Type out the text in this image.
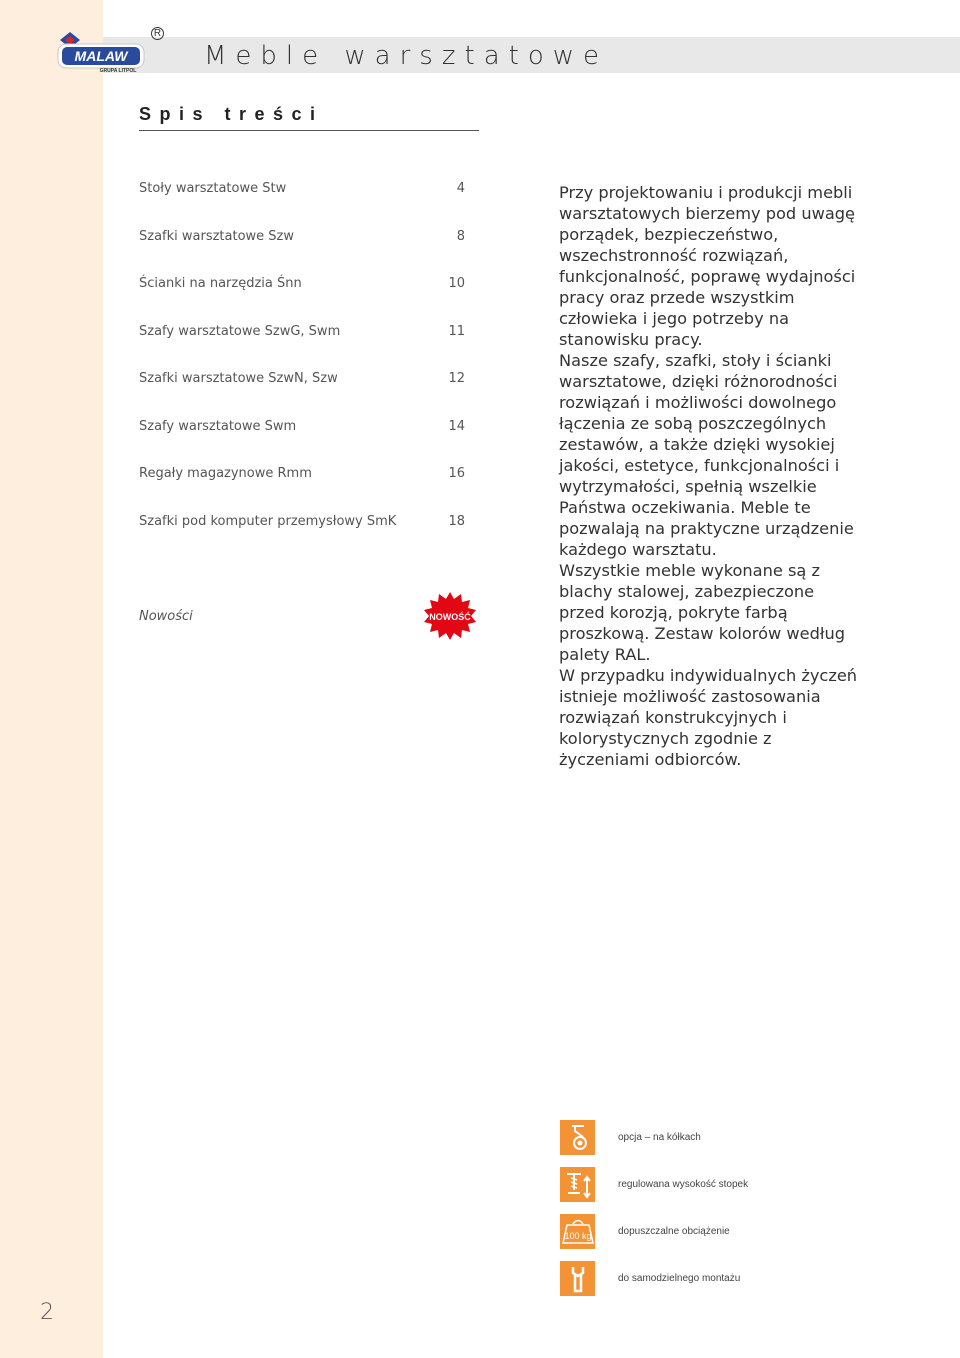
MALAW
GRUPA LITPOL
R
Meble warsztatowe
Spis treści
Stoły warsztatowe Stw	4
Szafki warsztatowe Szw	8
Ścianki na narzędzia Śnn	10
Szafy warsztatowe SzwG, Swm	11
Szafki warsztatowe SzwN, Szw	12
Szafy warsztatowe Swm	14
Regały magazynowe Rmm	16
Szafki pod komputer przemysłowy SmK	18
Nowości	NOWOŚĆ

Przy projektowaniu i produkcji mebli warsztatowych bierzemy pod uwagę porządek, bezpieczeństwo, wszechstronność rozwiązań, funkcjonalność, poprawę wydajności pracy oraz przede wszystkim człowieka i jego potrzeby na stanowisku pracy.

Nasze szafy, szafki, stoły i ścianki warsztatowe, dzięki różnorodności rozwiązań i możliwości dowolnego łączenia ze sobą poszczególnych zestawów, a także dzięki wysokiej jakości, estetyce, funkcjonalności i wytrzymałości, spełnią wszelkie Państwa oczekiwania. Meble te pozwalają na praktyczne urządzenie każdego warsztatu.

Wszystkie meble wykonane są z blachy stalowej, zabezpieczone przed korozją, pokryte farbą proszkową. Zestaw kolorów według palety RAL.

W przypadku indywidualnych życzeń istnieje możliwość zastosowania rozwiązań konstrukcyjnych i kolorystycznych zgodnie z życzeniami odbiorców.

opcja – na kółkach
regulowana wysokość stopek
100 kg	dopuszczalne obciążenie
do samodzielnego montażu
2
